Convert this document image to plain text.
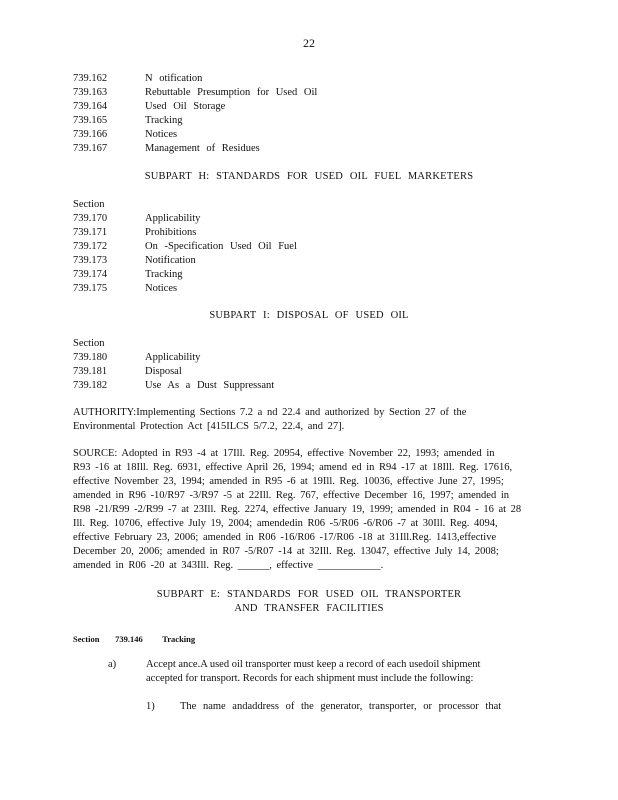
22
739.162	N otification
739.163	Rebuttable Presumption for Used Oil
739.164	Used Oil Storage
739.165	Tracking
739.166	Notices
739.167	Management of Residues
SUBPART H: STANDARDS FOR USED OIL FUEL MARKETERS
Section
739.170	Applicability
739.171	Prohibitions
739.172	On -Specification Used Oil Fuel
739.173	Notification
739.174	Tracking
739.175	Notices
SUBPART I: DISPOSAL OF USED OIL
Section
739.180	Applicability
739.181	Disposal
739.182	Use As a Dust Suppressant
AUTHORITY:Implementing Sections 7.2 a nd 22.4 and authorized by Section 27 of the
Environmental Protection Act [415ILCS 5/7.2, 22.4, and 27].
SOURCE: Adopted in R93 -4 at 17Ill. Reg. 20954, effective November 22, 1993; amended in
R93 -16 at 18Ill. Reg. 6931, effective April 26, 1994; amend ed in R94 -17 at 18Ill. Reg. 17616,
effective November 23, 1994; amended in R95 -6 at 19Ill. Reg. 10036, effective June 27, 1995;
amended in R96 -10/R97 -3/R97 -5 at 22Ill. Reg. 767, effective December 16, 1997; amended in
R98 -21/R99 -2/R99 -7 at 23Ill. Reg. 2274, effective January 19, 1999; amended in R04 - 16 at 28
Ill. Reg. 10706, effective July 19, 2004; amendedin R06 -5/R06 -6/R06 -7 at 30Ill. Reg. 4094,
effective February 23, 2006; amended in R06 -16/R06 -17/R06 -18 at 31Ill.Reg. 1413,effective
December 20, 2006; amended in R07 -5/R07 -14 at 32Ill. Reg. 13047, effective July 14, 2008;
amended in R06 -20 at 343Ill. Reg. ______, effective ____________.
SUBPART E: STANDARDS FOR USED OIL TRANSPORTER
AND TRANSFER FACILITIES
Section 739.146 Tracking
a)	Accept ance.A used oil transporter must keep a record of each usedoil shipment
accepted for transport. Records for each shipment must include the following:
1) The name andaddress of the generator, transporter, or processor that
